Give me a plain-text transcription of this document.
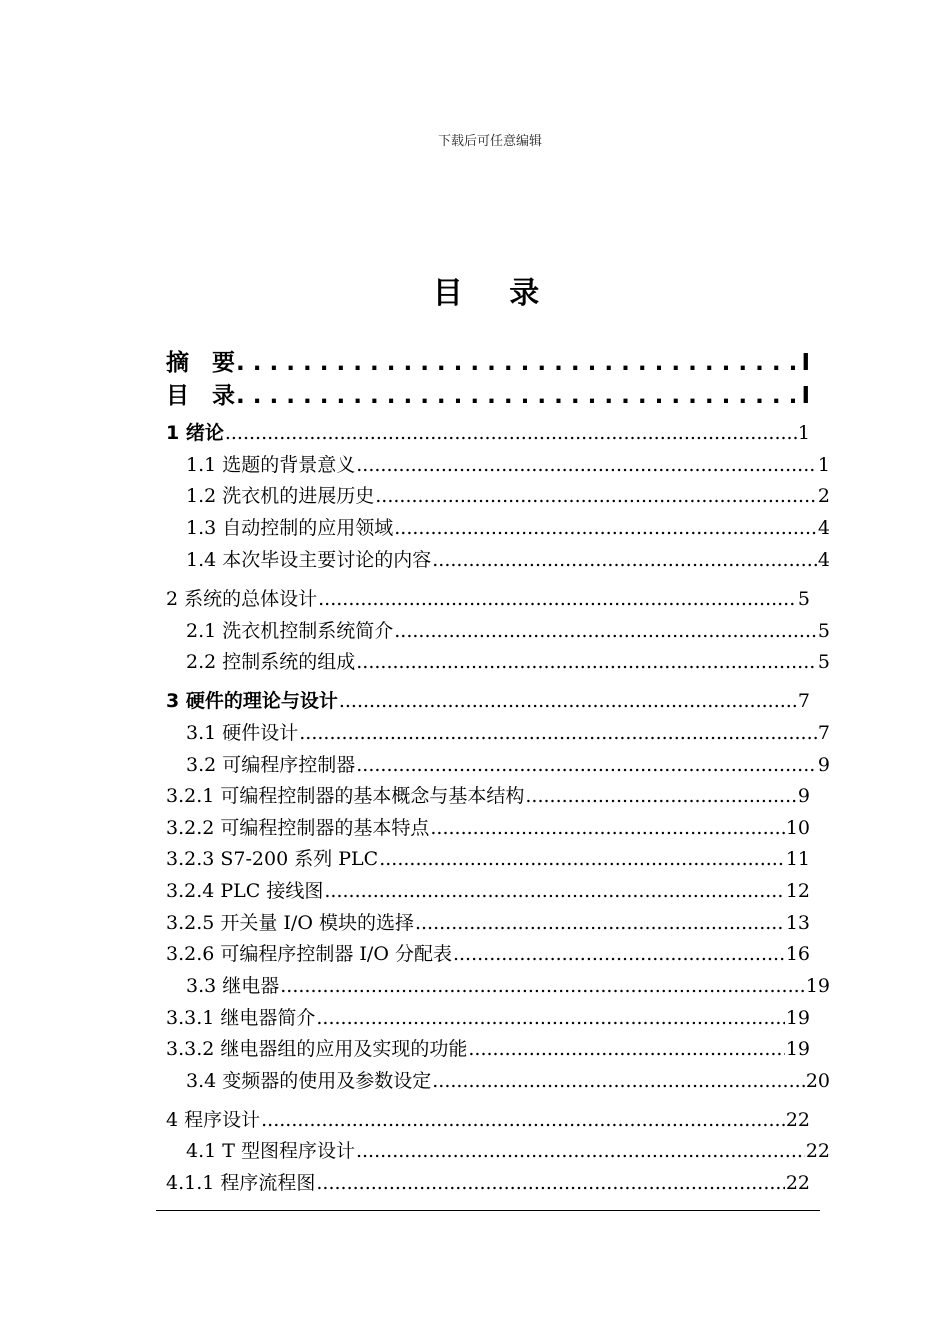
下载后可任意编辑
目 录
摘　要 . . .	I
目　录 . . .	I
1 绪论 .....	1
1.1 选题的背景意义 .....	1
1.2 洗衣机的进展历史 .....	2
1.3 自动控制的应用领域 .....	4
1.4 本次毕设主要讨论的内容 .....	4
2 系统的总体设计 .....	5
2.1 洗衣机控制系统简介 .....	5
2.2 控制系统的组成 .....	5
3 硬件的理论与设计 .....	7
3.1 硬件设计 .....	7
3.2 可编程序控制器 .....	9
3.2.1 可编程控制器的基本概念与基本结构 .....	9
3.2.2 可编程控制器的基本特点 .....	10
3.2.3 S7-200 系列 PLC .....	11
3.2.4 PLC 接线图 .....	12
3.2.5 开关量 I/O 模块的选择 .....	13
3.2.6 可编程序控制器 I/O 分配表 .....	16
3.3 继电器 .....	19
3.3.1 继电器简介 .....	19
3.3.2 继电器组的应用及实现的功能 .....	19
3.4 变频器的使用及参数设定 .....	20
4 程序设计 .....	22
4.1 T 型图程序设计 .....	22
4.1.1 程序流程图 .....	22
